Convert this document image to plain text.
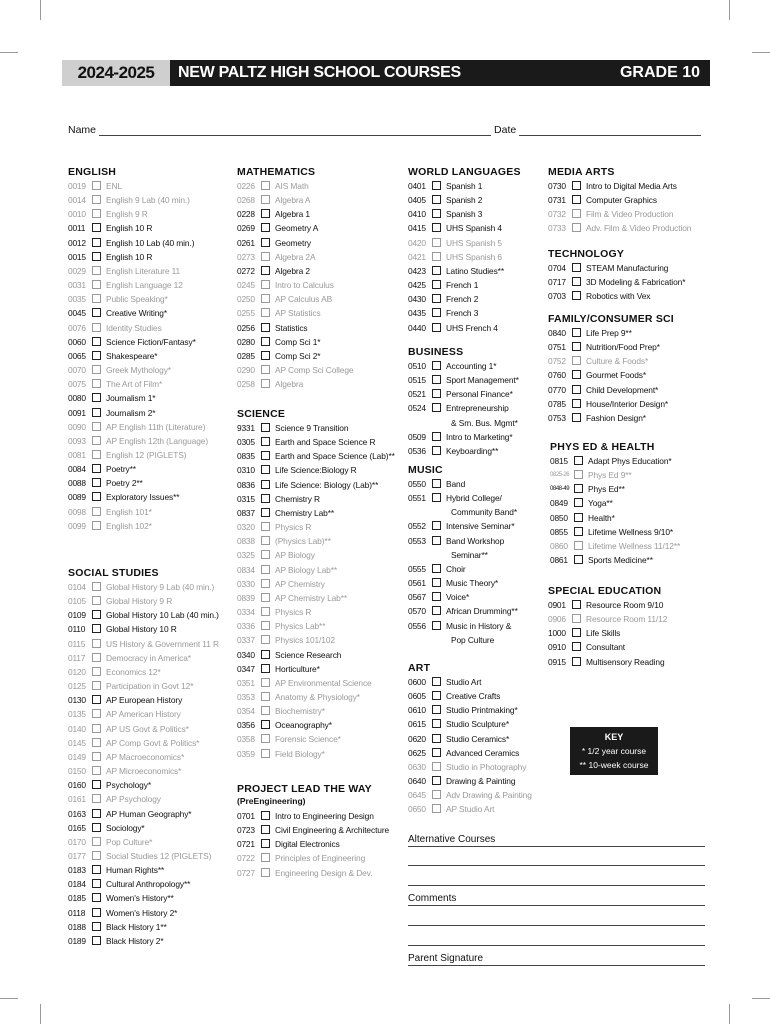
2024-2025	NEW PALTZ HIGH SCHOOL COURSES	GRADE 10
Name	Date
ENGLISH
0019	ENL
0014	English 9 Lab (40 min.)
0010	English 9 R
0011	English 10 R
0012	English 10 Lab (40 min.)
0015	English 10 R
0029	English Literature 11
0031	English Language 12
0035	Public Speaking*
0045	Creative Writing*
0076	Identity Studies
0060	Science Fiction/Fantasy*
0065	Shakespeare*
0070	Greek Mythology*
0075	The Art of Film*
0080	Journalism 1*
0091	Journalism 2*
0090	AP English 11th (Literature)
0093	AP English 12th (Language)
0081	English 12 (PIGLETS)
0084	Poetry**
0088	Poetry 2**
0089	Exploratory Issues**
0098	English 101*
0099	English 102*
SOCIAL STUDIES
0104	Global History 9 Lab (40 min.)
0105	Global History 9 R
0109	Global History 10 Lab (40 min.)
0110	Global History 10 R
0115	US History & Government 11 R
0117	Democracy in America*
0120	Economics 12*
0125	Participation in Govt 12*
0130	AP European History
0135	AP American History
0140	AP US Govt & Politics*
0145	AP Comp Govt & Politics*
0149	AP Macroeconomics*
0150	AP Microeconomics*
0160	Psychology*
0161	AP Psychology
0163	AP Human Geography*
0165	Sociology*
0170	Pop Culture*
0177	Social Studies 12 (PIGLETS)
0183	Human Rights**
0184	Cultural Anthropology**
0185	Women's History**
0118	Women's History 2*
0188	Black History 1**
0189	Black History 2*
MATHEMATICS
0226	AIS Math
0268	Algebra A
0228	Algebra 1
0269	Geometry A
0261	Geometry
0273	Algebra 2A
0272	Algebra 2
0245	Intro to Calculus
0250	AP Calculus AB
0255	AP Statistics
0256	Statistics
0280	Comp Sci 1*
0285	Comp Sci 2*
0290	AP Comp Sci College
0258	Algebra
SCIENCE
9331	Science 9 Transition
0305	Earth and Space Science R
0835	Earth and Space Science (Lab)**
0310	Life Science:Biology R
0836	Life Science: Biology (Lab)**
0315	Chemistry R
0837	Chemistry Lab**
0320	Physics R
0838	(Physics Lab)**
0325	AP Biology
0834	AP Biology Lab**
0330	AP Chemistry
0839	AP Chemistry Lab**
0334	Physics R
0336	Physics Lab**
0337	Physics 101/102
0340	Science Research
0347	Horticulture*
0351	AP Environmental Science
0353	Anatomy & Physiology*
0354	Biochemistry*
0356	Oceanography*
0358	Forensic Science*
0359	Field Biology*
PROJECT LEAD THE WAY
(PreEngineering)
0701	Intro to Engineering Design
0723	Civil Engineering & Architecture
0721	Digital Electronics
0722	Principles of Engineering
0727	Engineering Design & Dev.
WORLD LANGUAGES
0401	Spanish 1
0405	Spanish 2
0410	Spanish 3
0415	UHS Spanish 4
0420	UHS Spanish 5
0421	UHS Spanish 6
0423	Latino Studies**
0425	French 1
0430	French 2
0435	French 3
0440	UHS French 4
BUSINESS
0510	Accounting 1*
0515	Sport Management*
0521	Personal Finance*
0524	Entrepreneurship
& Sm. Bus. Mgmt*
0509	Intro to Marketing*
0536	Keyboarding**
MUSIC
0550	Band
0551	Hybrid College/
Community Band*
0552	Intensive Seminar*
0553	Band Workshop
Seminar**
0555	Choir
0561	Music Theory*
0567	Voice*
0570	African Drumming**
0556	Music in History &
Pop Culture
ART
0600	Studio Art
0605	Creative Crafts
0610	Studio Printmaking*
0615	Studio Sculpture*
0620	Studio Ceramics*
0625	Advanced Ceramics
0630	Studio in Photography
0640	Drawing & Painting
0645	Adv Drawing & Painting
0650	AP Studio Art
MEDIA ARTS
0730	Intro to Digital Media Arts
0731	Computer Graphics
0732	Film & Video Production
0733	Adv. Film & Video Production
TECHNOLOGY
0704	STEAM Manufacturing
0717	3D Modeling & Fabrication*
0703	Robotics with Vex
FAMILY/CONSUMER SCI
0840	Life Prep 9**
0751	Nutrition/Food Prep*
0752	Culture & Foods*
0760	Gourmet Foods*
0770	Child Development*
0785	House/Interior Design*
0753	Fashion Design*
PHYS ED & HEALTH
0815	Adapt Phys Education*
0825-26	Phys Ed 9**
0848-49	Phys Ed**
0849	Yoga**
0850	Health*
0855	Lifetime Wellness 9/10*
0860	Lifetime Wellness 11/12**
0861	Sports Medicine**
SPECIAL EDUCATION
0901	Resource Room 9/10
0906	Resource Room 11/12
1000	Life Skills
0910	Consultant
0915	Multisensory Reading
KEY
* 1/2 year course
** 10-week course
Alternative Courses
Comments
Parent Signature
